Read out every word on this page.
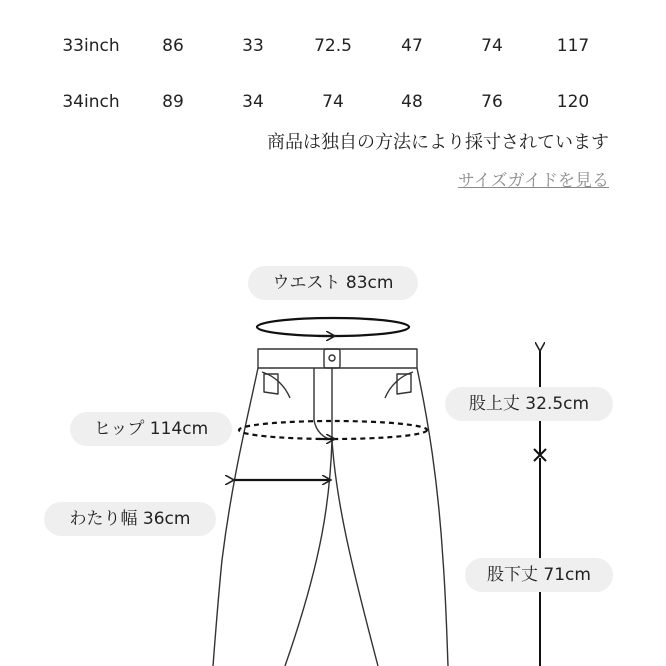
33inch	86	33	72.5	47	74	117
34inch	89	34	74	48	76	120
商品は独自の方法により採寸されています
サイズガイドを見る
ウエスト 83cm
ヒップ 114cm
わたり幅 36cm
股上丈 32.5cm
股下丈 71cm
